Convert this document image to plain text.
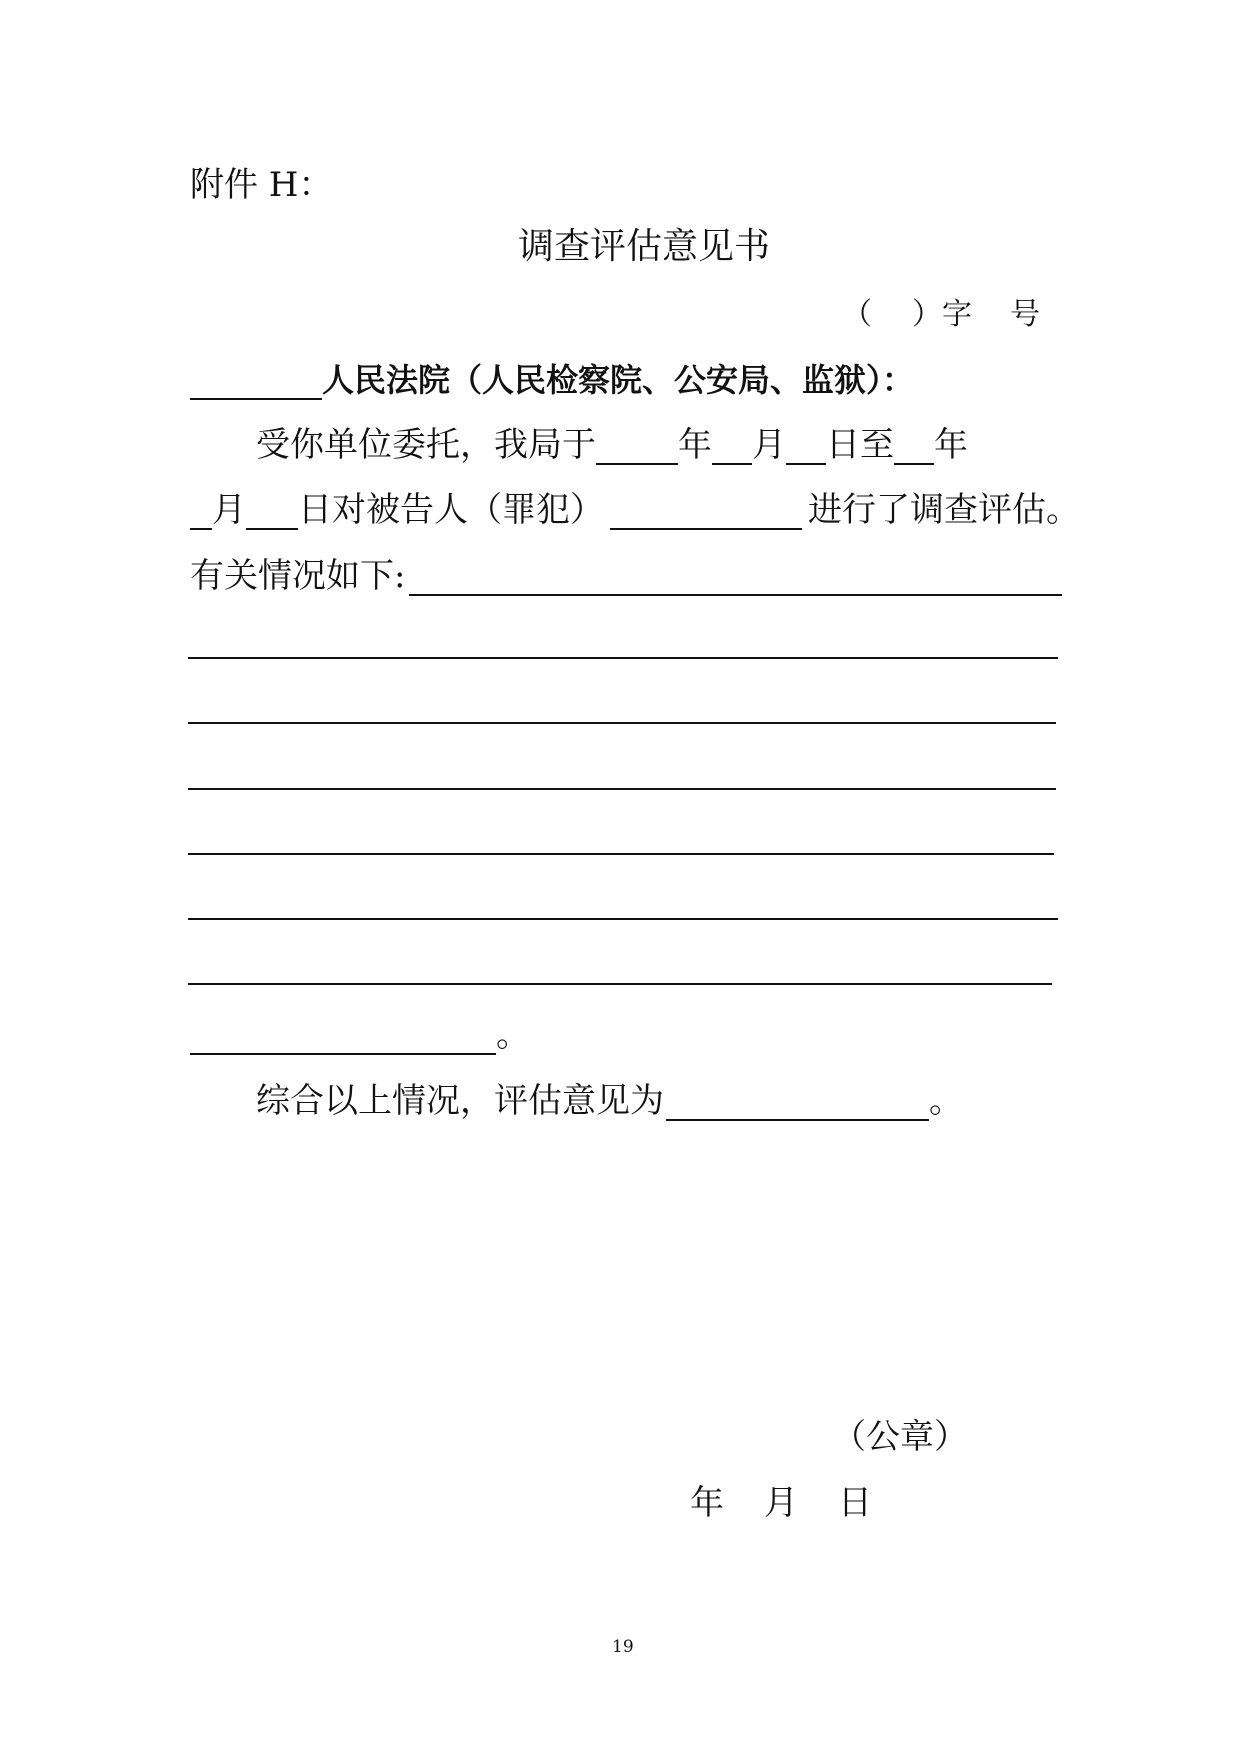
附件 H：
调查评估意见书
（ ）字 号
人民法院（人民检察院、公安局、监狱）：
受你单位委托，我局于 年 月 日至 年
月 日对被告人（罪犯）	进行了调查评估。
有关情况如下:
。
综合以上情况，评估意见为	。
（公章）
年 月 日
19
